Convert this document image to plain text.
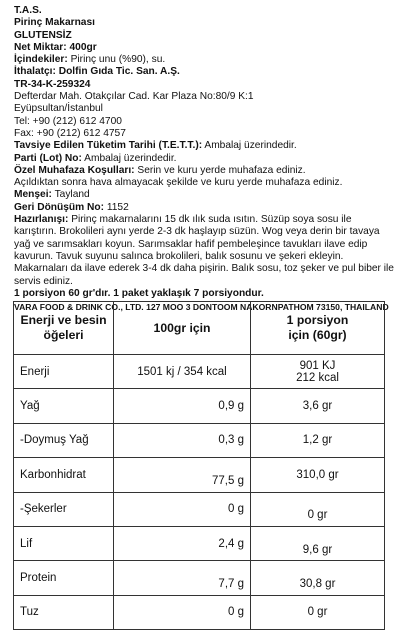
T.A.S.
Pirinç Makarnası
GLUTENSİZ
Net Miktar: 400gr
İçindekiler: Pirinç unu (%90), su.
İthalatçı: Dolfin Gıda Tic. San. A.Ş.
TR-34-K-259324
Defterdar Mah. Otakçılar Cad. Kar Plaza No:80/9 K:1
Eyüpsultan/İstanbul
Tel: +90 (212) 612 4700
Fax: +90 (212) 612 4757
Tavsiye Edilen Tüketim Tarihi (T.E.T.T.): Ambalaj üzerindedir.
Parti (Lot) No: Ambalaj üzerindedir.
Özel Muhafaza Koşulları: Serin ve kuru yerde muhafaza ediniz.
Açıldıktan sonra hava almayacak şekilde ve kuru yerde muhafaza ediniz.
Menşei: Tayland
Geri Dönüşüm No: 1152
Hazırlanışı: Pirinç makarnalarını 15 dk ılık suda ısıtın. Süzüp soya sosu ile karıştırın. Brokolileri aynı yerde 2-3 dk haşlayıp süzün. Wog veya derin bir tavaya yağ ve sarımsakları koyun. Sarımsaklar hafif pembeleşince tavukları ilave edip kavurun. Tavuk suyunu salınca brokolileri, balık sosunu ve şekeri ekleyin. Makarnaları da ilave ederek 3-4 dk daha pişirin. Balık sosu, toz şeker ve pul biber ile servis ediniz.
1 porsiyon 60 gr'dır. 1 paket yaklaşık 7 porsiyondur.
VARA FOOD & DRINK CO., LTD. 127 MOO 3 DONTOOM NAKORNPATHOM 73150, THAILAND
Enerji ve besin
öğeleri	100gr için	1 porsiyon
için (60gr)

Enerji	1501 kj / 354 kcal	901 KJ
212 kcal

Yağ	0,9 g	3,6 gr
-Doymuş Yağ	0,3 g	1,2 gr
Karbonhidrat	77,5 g	310,0 gr
-Şekerler	0 g	0 gr
Lif	2,4 g	9,6 gr
Protein	7,7 g	30,8 gr
Tuz	0 g	0 gr
